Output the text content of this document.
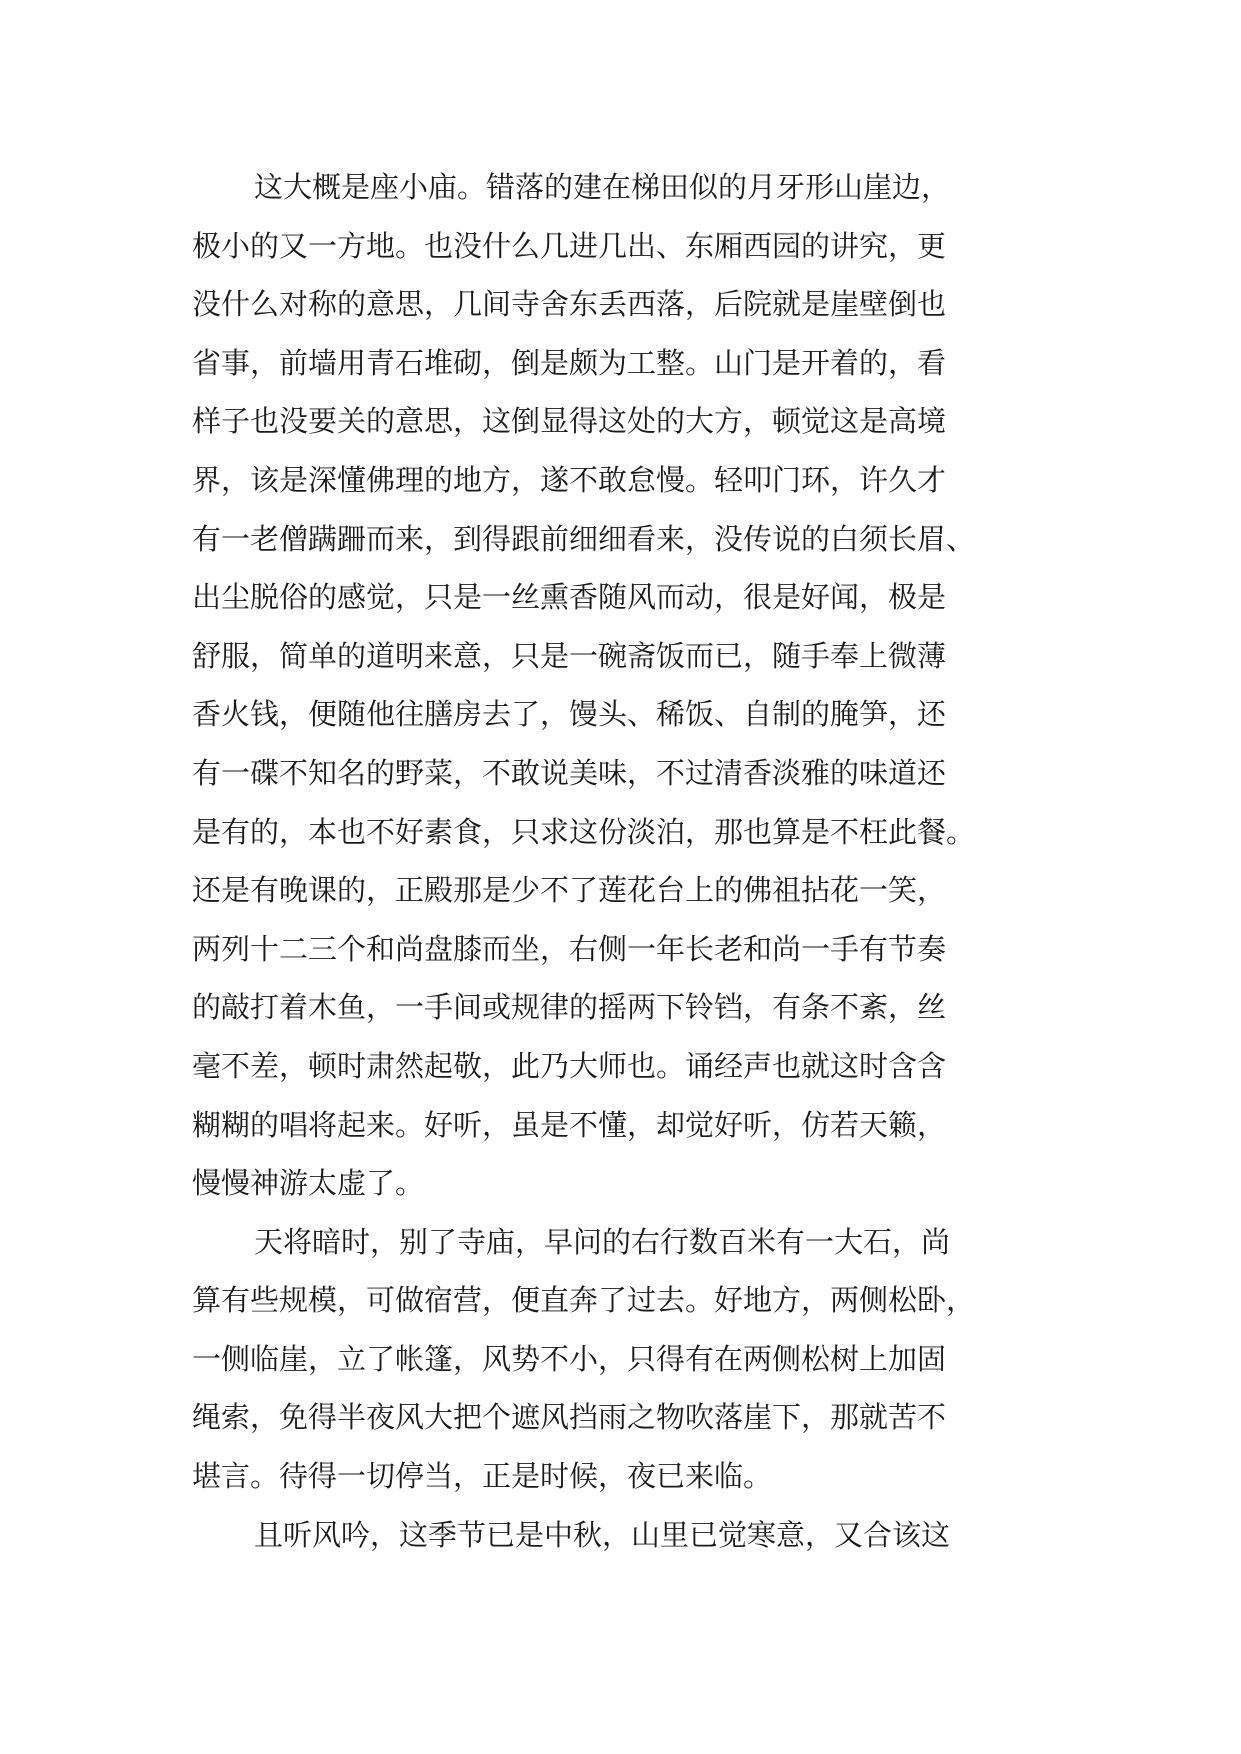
这大概是座小庙。错落的建在梯田似的月牙形山崖边，
极小的又一方地。也没什么几进几出、东厢西园的讲究，更
没什么对称的意思，几间寺舍东丢西落，后院就是崖壁倒也
省事，前墙用青石堆砌，倒是颇为工整。山门是开着的，看
样子也没要关的意思，这倒显得这处的大方，顿觉这是高境
界，该是深懂佛理的地方，遂不敢怠慢。轻叩门环，许久才
有一老僧蹒跚而来，到得跟前细细看来，没传说的白须长眉、
出尘脱俗的感觉，只是一丝熏香随风而动，很是好闻，极是
舒服，简单的道明来意，只是一碗斋饭而已，随手奉上微薄
香火钱，便随他往膳房去了，馒头、稀饭、自制的腌笋，还
有一碟不知名的野菜，不敢说美味，不过清香淡雅的味道还
是有的，本也不好素食，只求这份淡泊，那也算是不枉此餐。
还是有晚课的，正殿那是少不了莲花台上的佛祖拈花一笑，
两列十二三个和尚盘膝而坐，右侧一年长老和尚一手有节奏
的敲打着木鱼，一手间或规律的摇两下铃铛，有条不紊，丝
毫不差，顿时肃然起敬，此乃大师也。诵经声也就这时含含
糊糊的唱将起来。好听，虽是不懂，却觉好听，仿若天籁，
慢慢神游太虚了。
天将暗时，别了寺庙，早问的右行数百米有一大石，尚
算有些规模，可做宿营，便直奔了过去。好地方，两侧松卧，
一侧临崖，立了帐篷，风势不小，只得有在两侧松树上加固
绳索，免得半夜风大把个遮风挡雨之物吹落崖下，那就苦不
堪言。待得一切停当，正是时候，夜已来临。
且听风吟，这季节已是中秋，山里已觉寒意，又合该这
